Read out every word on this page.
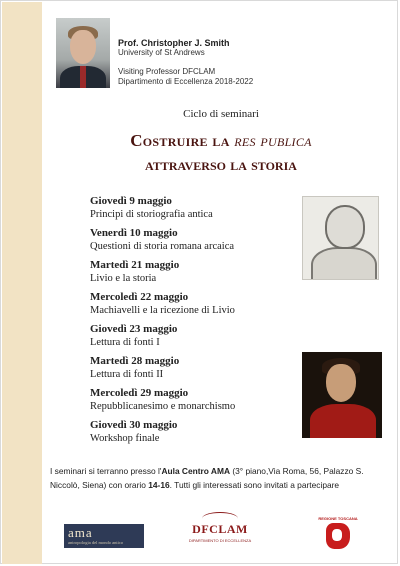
Prof. Christopher J. Smith
University of St Andrews
Visiting Professor DFCLAM
Dipartimento di Eccellenza 2018-2022
Ciclo di seminari
Costruire la res publica
attraverso la storia
Giovedì 9 maggio
Principi di storiografia antica
Venerdì 10 maggio
Questioni di storia romana arcaica
Martedì 21 maggio
Livio e la storia
Mercoledì 22 maggio
Machiavelli e la ricezione di Livio
Giovedì 23 maggio
Lettura di fonti I
Martedì 28 maggio
Lettura di fonti II
Mercoledì 29 maggio
Repubblicanesimo e monarchismo
Giovedì 30 maggio
Workshop finale
I seminari si terranno presso l'Aula Centro AMA (3° piano,Via Roma, 56, Palazzo S. Niccolò, Siena) con orario 14-16. Tutti gli interessati sono invitati a partecipare
ama
antropologia del mondo antico
DFCLAM
DIPARTIMENTO DI ECCELLENZA
REGIONE TOSCANA
